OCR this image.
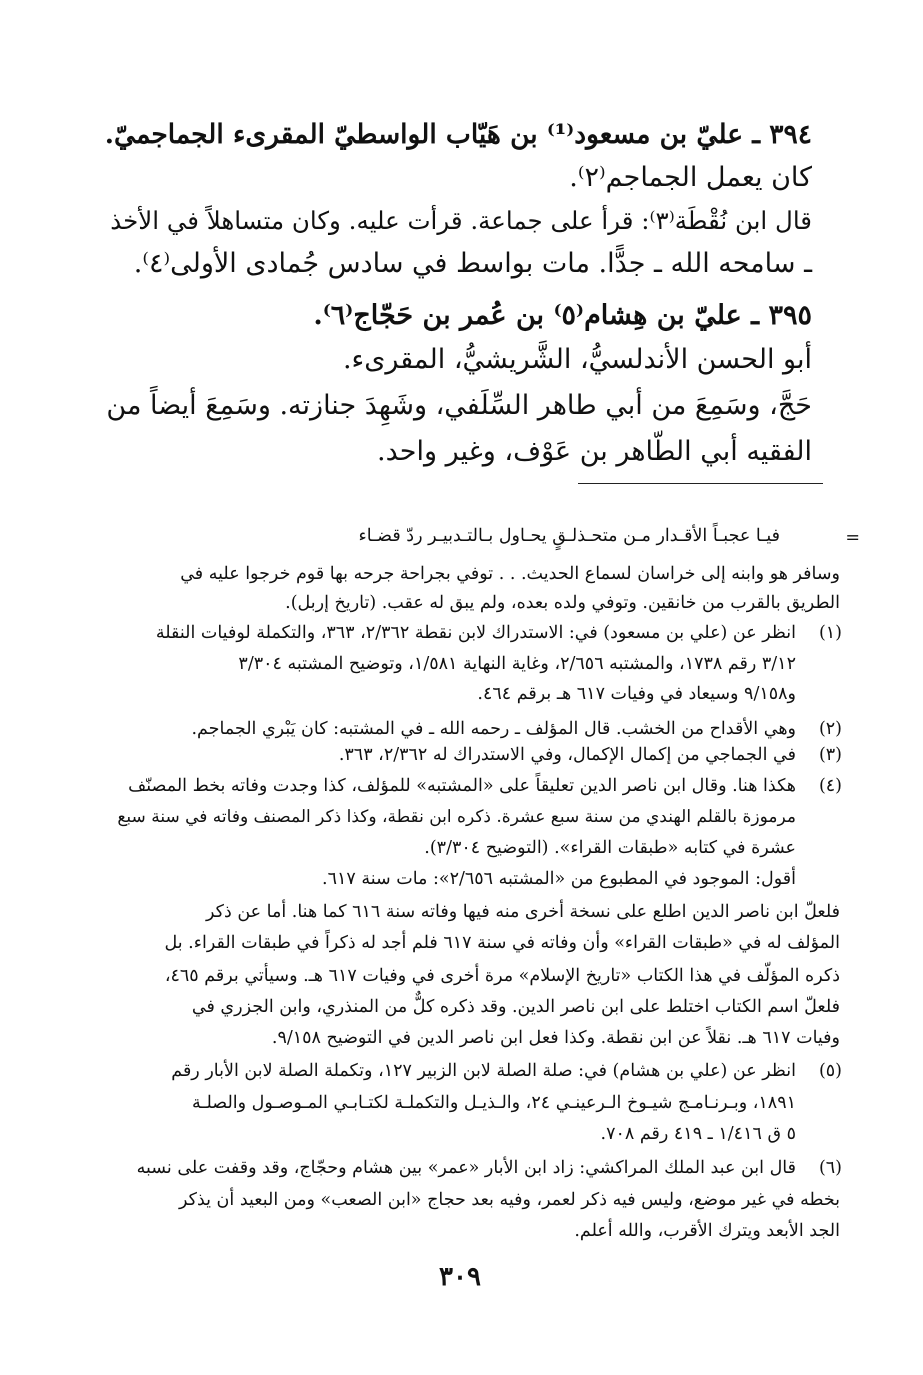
٣٩٤ ـ عليّ بن مسعود⁽¹⁾ بن هَيّاب الواسطيّ المقرىء الجماجميّ.
كان يعمل الجماجم⁽٢⁾.
قال ابن نُقْطَة⁽٣⁾: قرأ على جماعة. قرأت عليه. وكان متساهلاً في الأخذ
ـ سامحه الله ـ جدًّا. مات بواسط في سادس جُمادى الأولى⁽٤⁾.
٣٩٥ ـ عليّ بن هِشام⁽٥⁾ بن عُمر بن حَجّاج⁽٦⁾.
أبو الحسن الأندلسيُّ، الشَّريشيُّ، المقرىء.
حَجَّ، وسَمِعَ من أبي طاهر السِّلَفي، وشَهِدَ جنازته. وسَمِعَ أيضاً من
الفقيه أبي الطّاهر بن عَوْف، وغير واحد.
=
فيـا عجبـاً الأقـدار مـن متحـذلـقٍ يحـاول بـالتـدبيـر ردّ قضـاء
وسافر هو وابنه إلى خراسان لسماع الحديث. . . توفي بجراحة جرحه بها قوم خرجوا عليه في
الطريق بالقرب من خانقين. وتوفي ولده بعده، ولم يبق له عقب. (تاريخ إربل).
(١)
انظر عن (علي بن مسعود) في: الاستدراك لابن نقطة ٢/٣٦٢، ٣٦٣، والتكملة لوفيات النقلة
٣/١٢ رقم ١٧٣٨، والمشتبه ٢/٦٥٦، وغاية النهاية ١/٥٨١، وتوضيح المشتبه ٣/٣٠٤
و٩/١٥٨ وسيعاد في وفيات ٦١٧ هـ برقم ٤٦٤.
(٢)
وهي الأقداح من الخشب. قال المؤلف ـ رحمه الله ـ في المشتبه: كان يَبْري الجماجم.
(٣)
في الجماجي من إكمال الإكمال، وفي الاستدراك له ٢/٣٦٢، ٣٦٣.
(٤)
هكذا هنا. وقال ابن ناصر الدين تعليقاً على «المشتبه» للمؤلف، كذا وجدت وفاته بخط المصنّف
مرموزة بالقلم الهندي من سنة سبع عشرة. ذكره ابن نقطة، وكذا ذكر المصنف وفاته في سنة سبع
عشرة في كتابه «طبقات القراء». (التوضيح ٣/٣٠٤).
أقول: الموجود في المطبوع من «المشتبه ٢/٦٥٦»: مات سنة ٦١٧.
فلعلّ ابن ناصر الدين اطلع على نسخة أخرى منه فيها وفاته سنة ٦١٦ كما هنا. أما عن ذكر
المؤلف له في «طبقات القراء» وأن وفاته في سنة ٦١٧ فلم أجد له ذكراً في طبقات القراء. بل
ذكره المؤلّف في هذا الكتاب «تاريخ الإسلام» مرة أخرى في وفيات ٦١٧ هـ. وسيأتي برقم ٤٦٥،
فلعلّ اسم الكتاب اختلط على ابن ناصر الدين. وقد ذكره كلٌّ من المنذري، وابن الجزري في
وفيات ٦١٧ هـ. نقلاً عن ابن نقطة. وكذا فعل ابن ناصر الدين في التوضيح ٩/١٥٨.
(٥)
انظر عن (علي بن هشام) في: صلة الصلة لابن الزبير ١٢٧، وتكملة الصلة لابن الأبار رقم
١٨٩١، وبـرنـامـج شيـوخ الـرعينـي ٢٤، والـذيـل والتكملـة لكتـابـي المـوصـول والصلـة
٥ ق ١/٤١٦ ـ ٤١٩ رقم ٧٠٨.
(٦)
قال ابن عبد الملك المراكشي: زاد ابن الأبار «عمر» بين هشام وحجّاج، وقد وقفت على نسبه
بخطه في غير موضع، وليس فيه ذكر لعمر، وفيه بعد حجاج «ابن الصعب» ومن البعيد أن يذكر
الجد الأبعد ويترك الأقرب، والله أعلم.
٣٠٩
